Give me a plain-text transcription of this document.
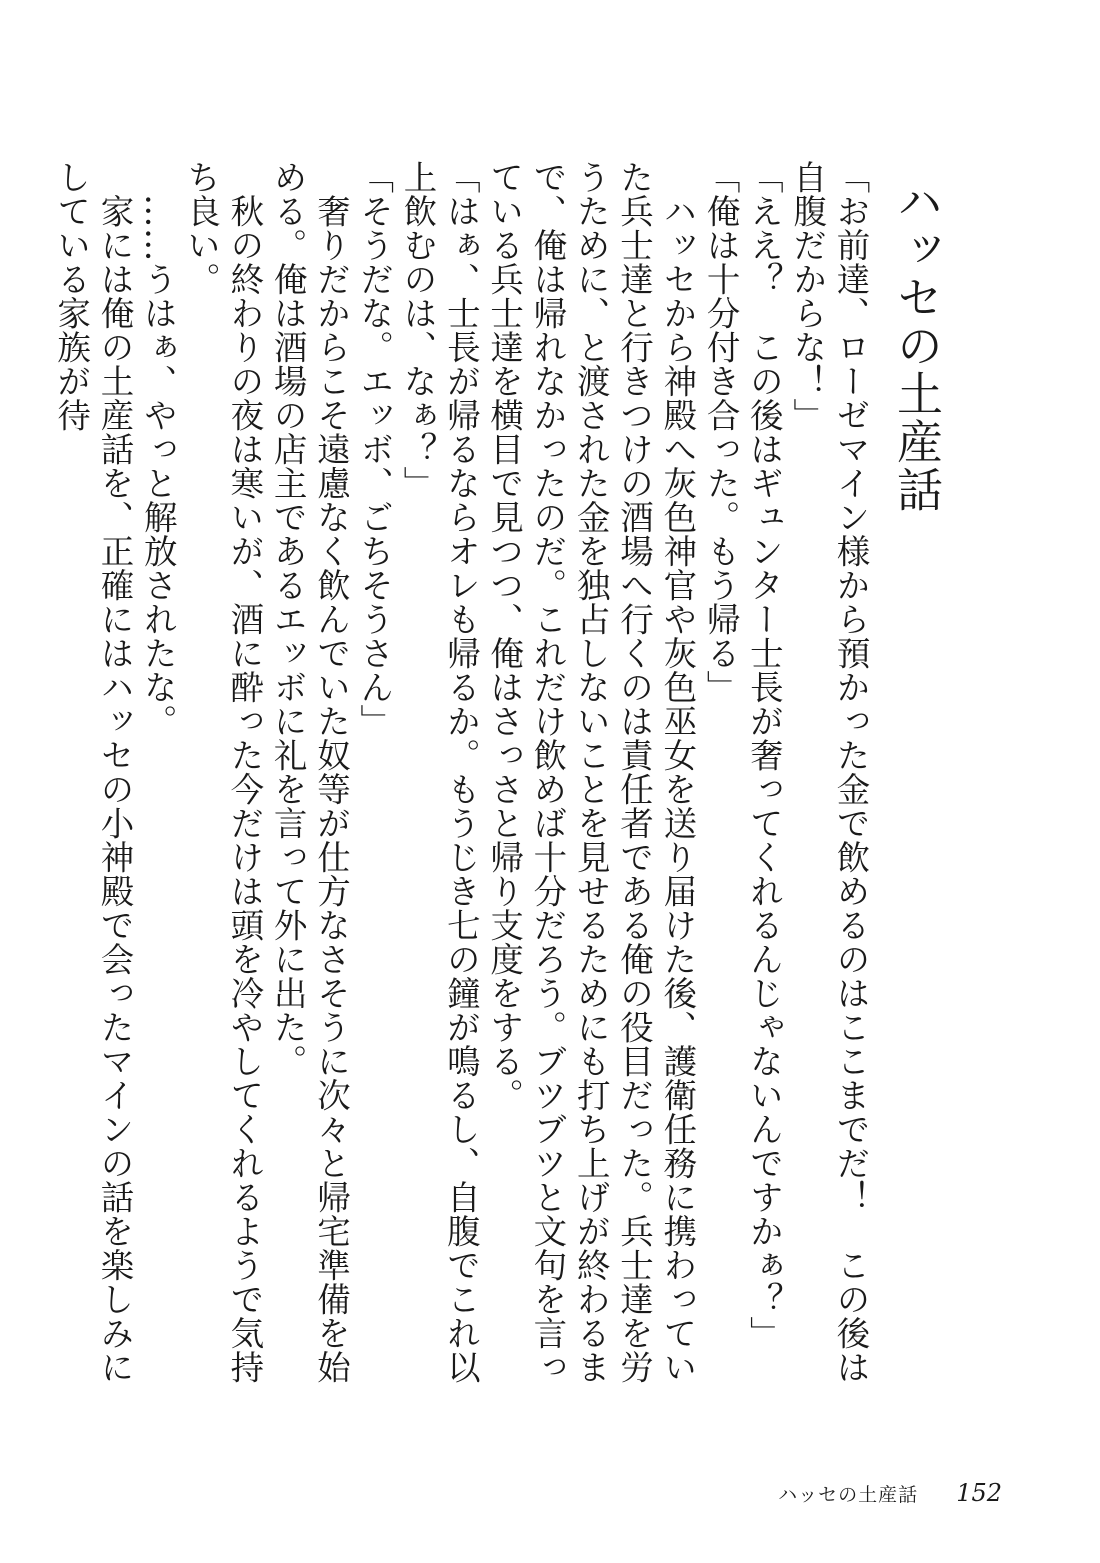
ハッセの土産話

「お前達、ローゼマイン様から預かった金で飲めるのはここまでだ！　この後は自腹だからな！」

「ええ？　この後はギュンター士長が奢ってくれるんじゃないんですかぁ？」

「俺は十分付き合った。もう帰る」

ハッセから神殿へ灰色神官や灰色巫女を送り届けた後、護衛任務に携わっていた兵士達と行きつけの酒場へ行くのは責任者である俺の役目だった。兵士達を労うために、と渡された金を独占しないことを見せるためにも打ち上げが終わるまで、俺は帰れなかったのだ。これだけ飲めば十分だろう。ブツブツと文句を言っている兵士達を横目で見つつ、俺はさっさと帰り支度をする。

「はぁ、士長が帰るならオレも帰るか。もうじき七の鐘が鳴るし、自腹でこれ以上飲むのは、なぁ？」

「そうだな。エッボ、ごちそうさん」

奢りだからこそ遠慮なく飲んでいた奴等が仕方なさそうに次々と帰宅準備を始める。俺は酒場の店主であるエッボに礼を言って外に出た。

秋の終わりの夜は寒いが、酒に酔った今だけは頭を冷やしてくれるようで気持ち良い。

……うはぁ、やっと解放されたな。

家には俺の土産話を、正確にはハッセの小神殿で会ったマインの話を楽しみにしている家族が待

ハッセの土産話 152
